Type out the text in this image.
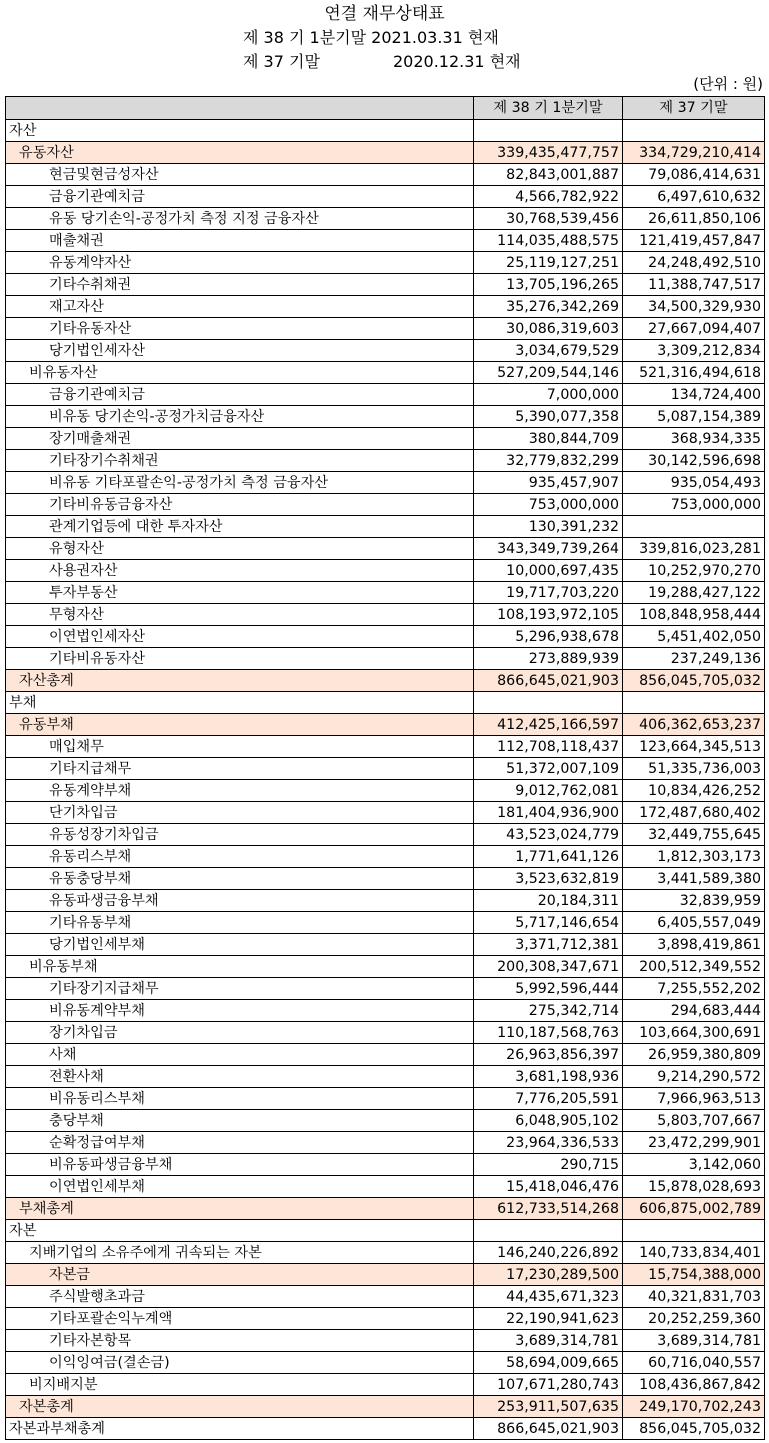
연결 재무상태표
제 38 기 1분기말 2021.03.31 현재
제 37 기말	2020.12.31 현재
(단위 : 원)
	제 38 기 1분기말	제 37 기말
자산		
유동자산	339,435,477,757	334,729,210,414
현금및현금성자산	82,843,001,887	79,086,414,631
금융기관예치금	4,566,782,922	6,497,610,632
유동 당기손익-공정가치 측정 지정 금융자산	30,768,539,456	26,611,850,106
매출채권	114,035,488,575	121,419,457,847
유동계약자산	25,119,127,251	24,248,492,510
기타수취채권	13,705,196,265	11,388,747,517
재고자산	35,276,342,269	34,500,329,930
기타유동자산	30,086,319,603	27,667,094,407
당기법인세자산	3,034,679,529	3,309,212,834
비유동자산	527,209,544,146	521,316,494,618
금융기관예치금	7,000,000	134,724,400
비유동 당기손익-공정가치금융자산	5,390,077,358	5,087,154,389
장기매출채권	380,844,709	368,934,335
기타장기수취채권	32,779,832,299	30,142,596,698
비유동 기타포괄손익-공정가치 측정 금융자산	935,457,907	935,054,493
기타비유동금융자산	753,000,000	753,000,000
관계기업등에 대한 투자자산	130,391,232	
유형자산	343,349,739,264	339,816,023,281
사용권자산	10,000,697,435	10,252,970,270
투자부동산	19,717,703,220	19,288,427,122
무형자산	108,193,972,105	108,848,958,444
이연법인세자산	5,296,938,678	5,451,402,050
기타비유동자산	273,889,939	237,249,136
자산총계	866,645,021,903	856,045,705,032
부채		
유동부채	412,425,166,597	406,362,653,237
매입채무	112,708,118,437	123,664,345,513
기타지급채무	51,372,007,109	51,335,736,003
유동계약부채	9,012,762,081	10,834,426,252
단기차입금	181,404,936,900	172,487,680,402
유동성장기차입금	43,523,024,779	32,449,755,645
유동리스부채	1,771,641,126	1,812,303,173
유동충당부채	3,523,632,819	3,441,589,380
유동파생금융부채	20,184,311	32,839,959
기타유동부채	5,717,146,654	6,405,557,049
당기법인세부채	3,371,712,381	3,898,419,861
비유동부채	200,308,347,671	200,512,349,552
기타장기지급채무	5,992,596,444	7,255,552,202
비유동계약부채	275,342,714	294,683,444
장기차입금	110,187,568,763	103,664,300,691
사채	26,963,856,397	26,959,380,809
전환사채	3,681,198,936	9,214,290,572
비유동리스부채	7,776,205,591	7,966,963,513
충당부채	6,048,905,102	5,803,707,667
순확정급여부채	23,964,336,533	23,472,299,901
비유동파생금융부채	290,715	3,142,060
이연법인세부채	15,418,046,476	15,878,028,693
부채총계	612,733,514,268	606,875,002,789
자본		
지배기업의 소유주에게 귀속되는 자본	146,240,226,892	140,733,834,401
자본금	17,230,289,500	15,754,388,000
주식발행초과금	44,435,671,323	40,321,831,703
기타포괄손익누계액	22,190,941,623	20,252,259,360
기타자본항목	3,689,314,781	3,689,314,781
이익잉여금(결손금)	58,694,009,665	60,716,040,557
비지배지분	107,671,280,743	108,436,867,842
자본총계	253,911,507,635	249,170,702,243
자본과부채총계	866,645,021,903	856,045,705,032
